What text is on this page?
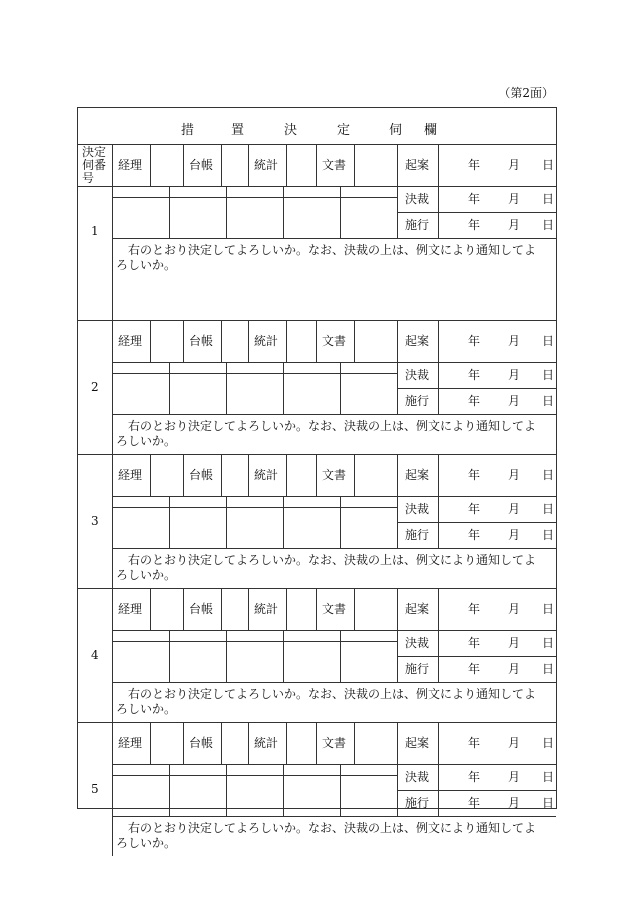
（第2面）
措	置	決	定	伺 欄
決定
伺番
号
経理	台帳	統計	文書	起案	年 月 日
1
決裁	年 月 日
施行	年 月 日
右のとおり決定してよろしいか。なお、決裁の上は、例文により通知してよろしいか。
2
経理	台帳	統計	文書	起案	年 月 日
決裁	年 月 日
施行	年 月 日
右のとおり決定してよろしいか。なお、決裁の上は、例文により通知してよろしいか。
3
経理	台帳	統計	文書	起案	年 月 日
決裁	年 月 日
施行	年 月 日
右のとおり決定してよろしいか。なお、決裁の上は、例文により通知してよろしいか。
4
経理	台帳	統計	文書	起案	年 月 日
決裁	年 月 日
施行	年 月 日
右のとおり決定してよろしいか。なお、決裁の上は、例文により通知してよろしいか。
5
経理	台帳	統計	文書	起案	年 月 日
決裁	年 月 日
施行	年 月 日
右のとおり決定してよろしいか。なお、決裁の上は、例文により通知してよろしいか。
